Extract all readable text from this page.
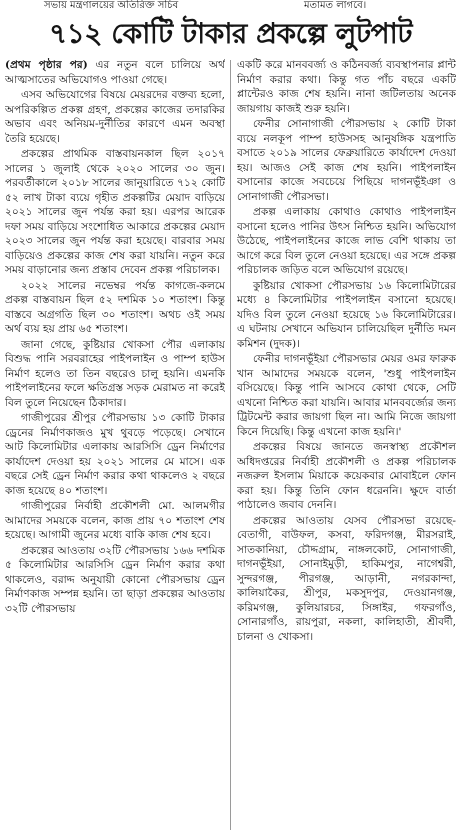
সভায় মন্ত্রণালয়ের অতিরিক্ত সচিব	মতামত লাগবে।
৭১২ কোটি টাকার প্রকল্পে লুটপাট

(প্রথম পৃষ্ঠার পর) এর নতুন বলে চালিয়ে অর্থ আত্মসাতের অভিযোগও পাওয়া গেছে।

এসব অভিযোগের বিষয়ে মেয়রদের বক্তব্য হলো, অপরিকল্পিত প্রকল্প গ্রহণ, প্রকল্পের কাজের তদারকির অভাব এবং অনিয়ম-দুর্নীতির কারণে এমন অবস্থা তৈরি হয়েছে।

প্রকল্পের প্রাথমিক বাস্তবায়নকাল ছিল ২০১৭ সালের ১ জুলাই থেকে ২০২০ সালের ৩০ জুন। পরবর্তীকালে ২০১৮ সালের জানুয়ারিতে ৭১২ কোটি ৫২ লাখ টাকা ব্যয়ে গৃহীত প্রকল্পটির মেয়াদ বাড়িয়ে ২০২১ সালের জুন পর্যন্ত করা হয়। এরপর আরেক দফা সময় বাড়িয়ে সংশোধিত আকারে প্রকল্পের মেয়াদ ২০২৩ সালের জুন পর্যন্ত করা হয়েছে। বারবার সময় বাড়িয়েও প্রকল্পের কাজ শেষ করা যায়নি। নতুন করে সময় বাড়ানোর জন্য প্রস্তাব দেবেন প্রকল্প পরিচালক।

২০২২ সালের নভেম্বর পর্যন্ত কাগজে-কলমে প্রকল্প বাস্তবায়ন ছিল ৫২ দশমিক ১০ শতাংশ। কিন্তু বাস্তবে অগ্রগতি ছিল ৩০ শতাংশ। অথচ ওই সময় অর্থ ব্যয় হয় প্রায় ৬৫ শতাংশ।

জানা গেছে, কুষ্টিয়ার খোকসা পৌর এলাকায় বিশুদ্ধ পানি সরবরাহের পাইপলাইন ও পাম্প হাউস নির্মাণ হলেও তা তিন বছরেও চালু হয়নি। এমনকি পাইপলাইনের ফলে ক্ষতিগ্রস্ত সড়ক মেরামত না করেই বিল তুলে নিয়েছেন ঠিকাদার।

গাজীপুরের শ্রীপুর পৌরসভায় ১৩ কোটি টাকার ড্রেনের নির্মাণকাজও মুখ থুবড়ে পড়েছে। সেখানে আট কিলোমিটার এলাকায় আরসিসি ড্রেন নির্মাণের কার্যাদেশ দেওয়া হয় ২০২১ সালের মে মাসে। এক বছরে সেই ড্রেন নির্মাণ করার কথা থাকলেও ২ বছরে কাজ হয়েছে ৪০ শতাংশ।

গাজীপুরের নির্বাহী প্রকৌশলী মো. আলমগীর আমাদের সময়কে বলেন, কাজ প্রায় ৭০ শতাংশ শেষ হয়েছে। আগামী জুনের মধ্যে বাকি কাজ শেষ হবে।

প্রকল্পের আওতায় ৩২টি পৌরসভায় ১৬৬ দশমিক ৫ কিলোমিটার আরসিসি ড্রেন নির্মাণ করার কথা থাকলেও, বরাদ্দ অনুযায়ী কোনো পৌরসভায় ড্রেন নির্মাণকাজ সম্পন্ন হয়নি। তা ছাড়া প্রকল্পের আওতায় ৩২টি পৌরসভায়

একটি করে মানববর্জ্য ও কঠিনবর্জ্য ব্যবস্থাপনার প্লান্ট নির্মাণ করার কথা। কিন্তু গত পাঁচ বছরে একটি প্লান্টেরও কাজ শেষ হয়নি। নানা জটিলতায় অনেক জায়গায় কাজই শুরু হয়নি।

ফেনীর সোনাগাজী পৌরসভায় ২ কোটি টাকা ব্যয়ে নলকূপ পাম্প হাউসসহ আনুষঙ্গিক যন্ত্রপাতি বসাতে ২০১৯ সালের ফেব্রুয়ারিতে কার্যাদেশ দেওয়া হয়। আজও সেই কাজ শেষ হয়নি। পাইপলাইন বসানোর কাজে সবচেয়ে পিছিয়ে দাগনভূঁইঞা ও সোনাগাজী পৌরসভা।

প্রকল্প এলাকায় কোথাও কোথাও পাইপলাইন বসানো হলেও পানির উৎস নিশ্চিত হয়নি। অভিযোগ উঠেছে, পাইপলাইনের কাজে লাভ বেশি থাকায় তা আগে করে বিল তুলে নেওয়া হয়েছে। এর সঙ্গে প্রকল্প পরিচালক জড়িত বলে অভিযোগ রয়েছে।

কুষ্টিয়ার খোকসা পৌরসভায় ১৬ কিলোমিটারের মধ্যে ৪ কিলোমিটার পাইপলাইন বসানো হয়েছে। যদিও বিল তুলে নেওয়া হয়েছে ১৬ কিলোমিটারের। এ ঘটনায় সেখানে অভিযান চালিয়েছিল দুর্নীতি দমন কমিশন (দুদক)।

ফেনীর দাগনভূঁইয়া পৌরসভার মেয়র ওমর ফারুক খান আমাদের সময়কে বলেন, 'শুধু পাইপলাইন বসিয়েছে। কিন্তু পানি আসবে কোথা থেকে, সেটি এখনো নিশ্চিত করা যায়নি। আবার মানববর্জ্যের জন্য ট্রিটমেন্ট করার জায়গা ছিল না। আমি নিজে জায়গা কিনে দিয়েছি। কিন্তু এখনো কাজ হয়নি।'

প্রকল্পের বিষয়ে জানতে জনস্বাস্থ্য প্রকৌশল অধিদপ্তরের নির্বাহী প্রকৌশলী ও প্রকল্প পরিচালক নজরুল ইসলাম মিয়াকে কয়েকবার মোবাইলে ফোন করা হয়। কিন্তু তিনি ফোন ধরেননি। ক্ষুদে বার্তা পাঠালেও জবাব দেননি।

প্রকল্পের আওতায় যেসব পৌরসভা রয়েছে- বেতাগী, বাউফল, কসবা, ফরিদগঞ্জ, মীরসরাই, সাতকানিয়া, চৌদ্দগ্রাম, নাঙ্গলকোট, সোনাগাজী, দাগনভূঁইয়া, সোনাইমুড়ী, হাকিমপুর, নাগেশ্বরী, সুন্দরগঞ্জ, পীরগঞ্জ, আড়ানী, নগরকান্দা, কালিয়াকৈর, শ্রীপুর, মকসুদপুর, দেওয়ানগঞ্জ, করিমগঞ্জ, কুলিয়ারচর, সিঙ্গাইর, গফরগাঁও, সোনারগাঁও, রায়পুরা, নকলা, কালিহাতী, শ্রীবর্দী, চালনা ও খোকসা।
